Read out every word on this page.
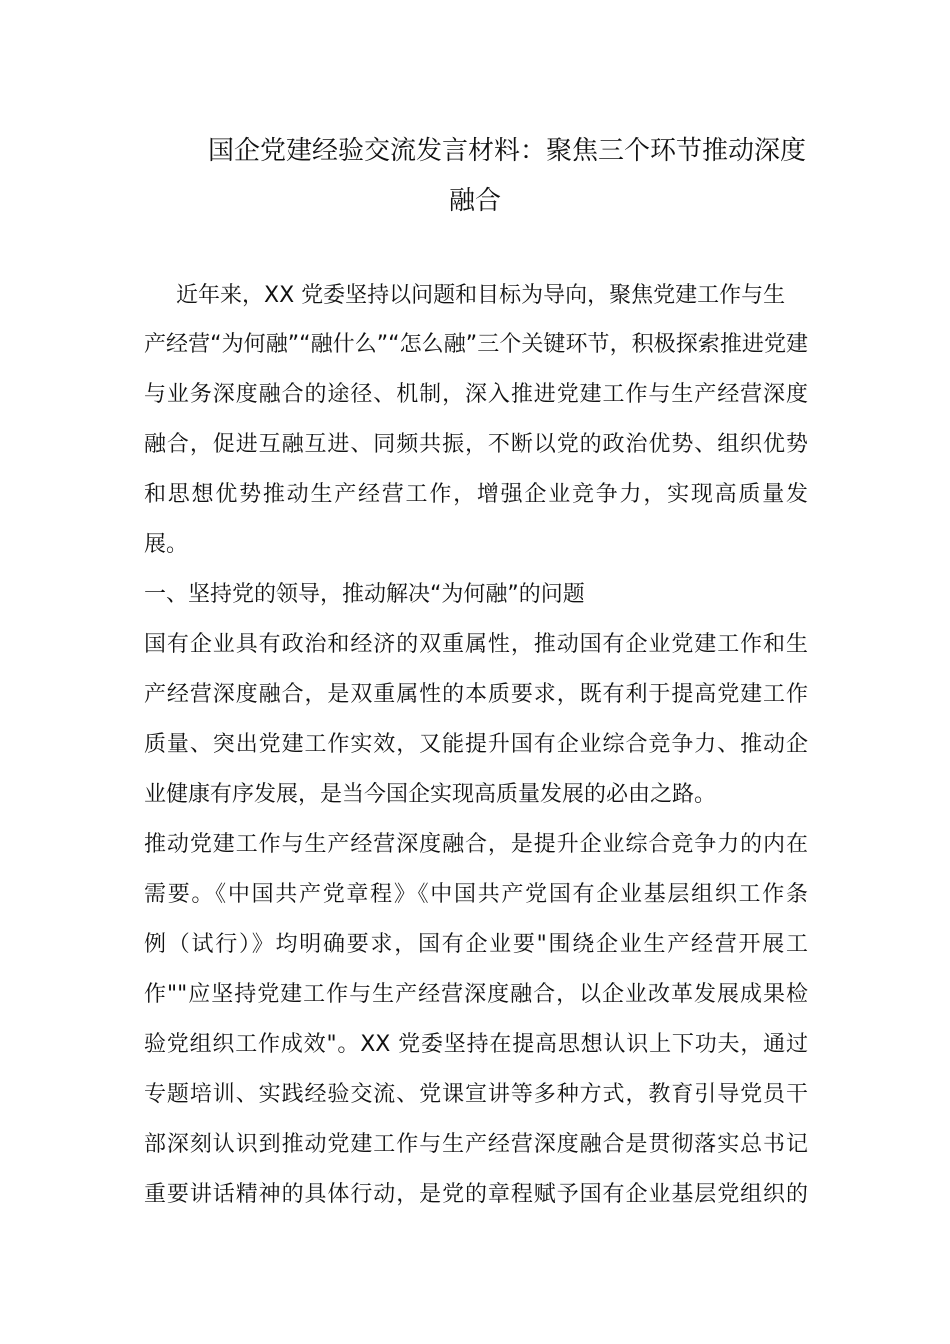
国企党建经验交流发言材料：聚焦三个环节推动深度
融合
近年来，XX 党委坚持以问题和目标为导向，聚焦党建工作与生
产经营“为何融”“融什么”“怎么融”三个关键环节，积极探索推进党建
与业务深度融合的途径、机制，深入推进党建工作与生产经营深度
融合，促进互融互进、同频共振，不断以党的政治优势、组织优势
和思想优势推动生产经营工作，增强企业竞争力，实现高质量发
展。
一、坚持党的领导，推动解决“为何融”的问题
国有企业具有政治和经济的双重属性，推动国有企业党建工作和生
产经营深度融合，是双重属性的本质要求，既有利于提高党建工作
质量、突出党建工作实效，又能提升国有企业综合竞争力、推动企
业健康有序发展，是当今国企实现高质量发展的必由之路。
推动党建工作与生产经营深度融合，是提升企业综合竞争力的内在
需要。《中国共产党章程》《中国共产党国有企业基层组织工作条
例（试行）》均明确要求，国有企业要"围绕企业生产经营开展工
作""应坚持党建工作与生产经营深度融合，以企业改革发展成果检
验党组织工作成效"。XX 党委坚持在提高思想认识上下功夫，通过
专题培训、实践经验交流、党课宣讲等多种方式，教育引导党员干
部深刻认识到推动党建工作与生产经营深度融合是贯彻落实总书记
重要讲话精神的具体行动，是党的章程赋予国有企业基层党组织的
